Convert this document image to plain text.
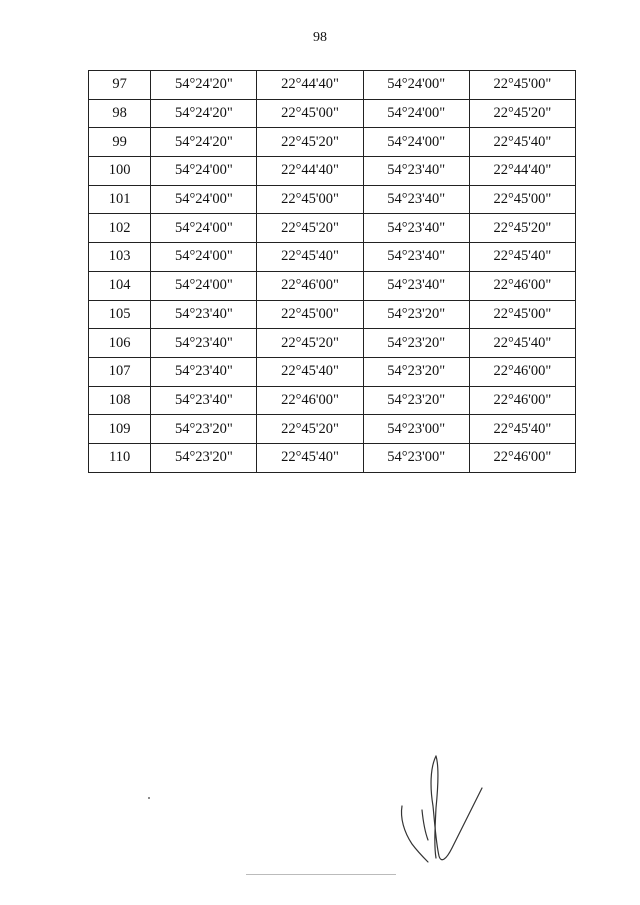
98
97	54°24'20"	22°44'40"	54°24'00"	22°45'00"
98	54°24'20"	22°45'00"	54°24'00"	22°45'20"
99	54°24'20"	22°45'20"	54°24'00"	22°45'40"
100	54°24'00"	22°44'40"	54°23'40"	22°44'40"
101	54°24'00"	22°45'00"	54°23'40"	22°45'00"
102	54°24'00"	22°45'20"	54°23'40"	22°45'20"
103	54°24'00"	22°45'40"	54°23'40"	22°45'40"
104	54°24'00"	22°46'00"	54°23'40"	22°46'00"
105	54°23'40"	22°45'00"	54°23'20"	22°45'00"
106	54°23'40"	22°45'20"	54°23'20"	22°45'40"
107	54°23'40"	22°45'40"	54°23'20"	22°46'00"
108	54°23'40"	22°46'00"	54°23'20"	22°46'00"
109	54°23'20"	22°45'20"	54°23'00"	22°45'40"
110	54°23'20"	22°45'40"	54°23'00"	22°46'00"
